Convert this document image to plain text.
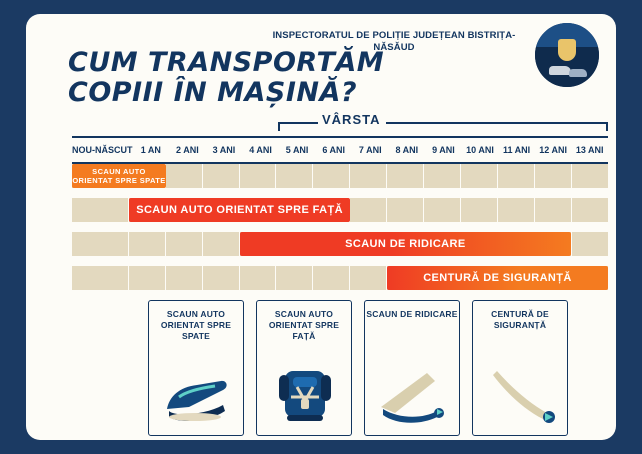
INSPECTORATUL DE POLIȚIE JUDEȚEAN BISTRIȚA-NĂSĂUD
CUM TRANSPORTĂM
COPIII ÎN MAȘINĂ?
VÂRSTA
NOU-NĂSCUT 1 AN	2 ANI	3 ANI	4 ANI	5 ANI	6 ANI	7 ANI	8 ANI	9 ANI	10 ANI	11 ANI	12 ANI 13 ANI
SCAUN AUTO ORIENTAT SPRE SPATE
SCAUN AUTO ORIENTAT SPRE FAȚĂ
SCAUN DE RIDICARE
CENTURĂ DE SIGURANȚĂ
SCAUN AUTO ORIENTAT SPRE SPATE
SCAUN AUTO ORIENTAT SPRE FAȚĂ
SCAUN DE RIDICARE	CENTURĂ DE SIGURANȚĂ
